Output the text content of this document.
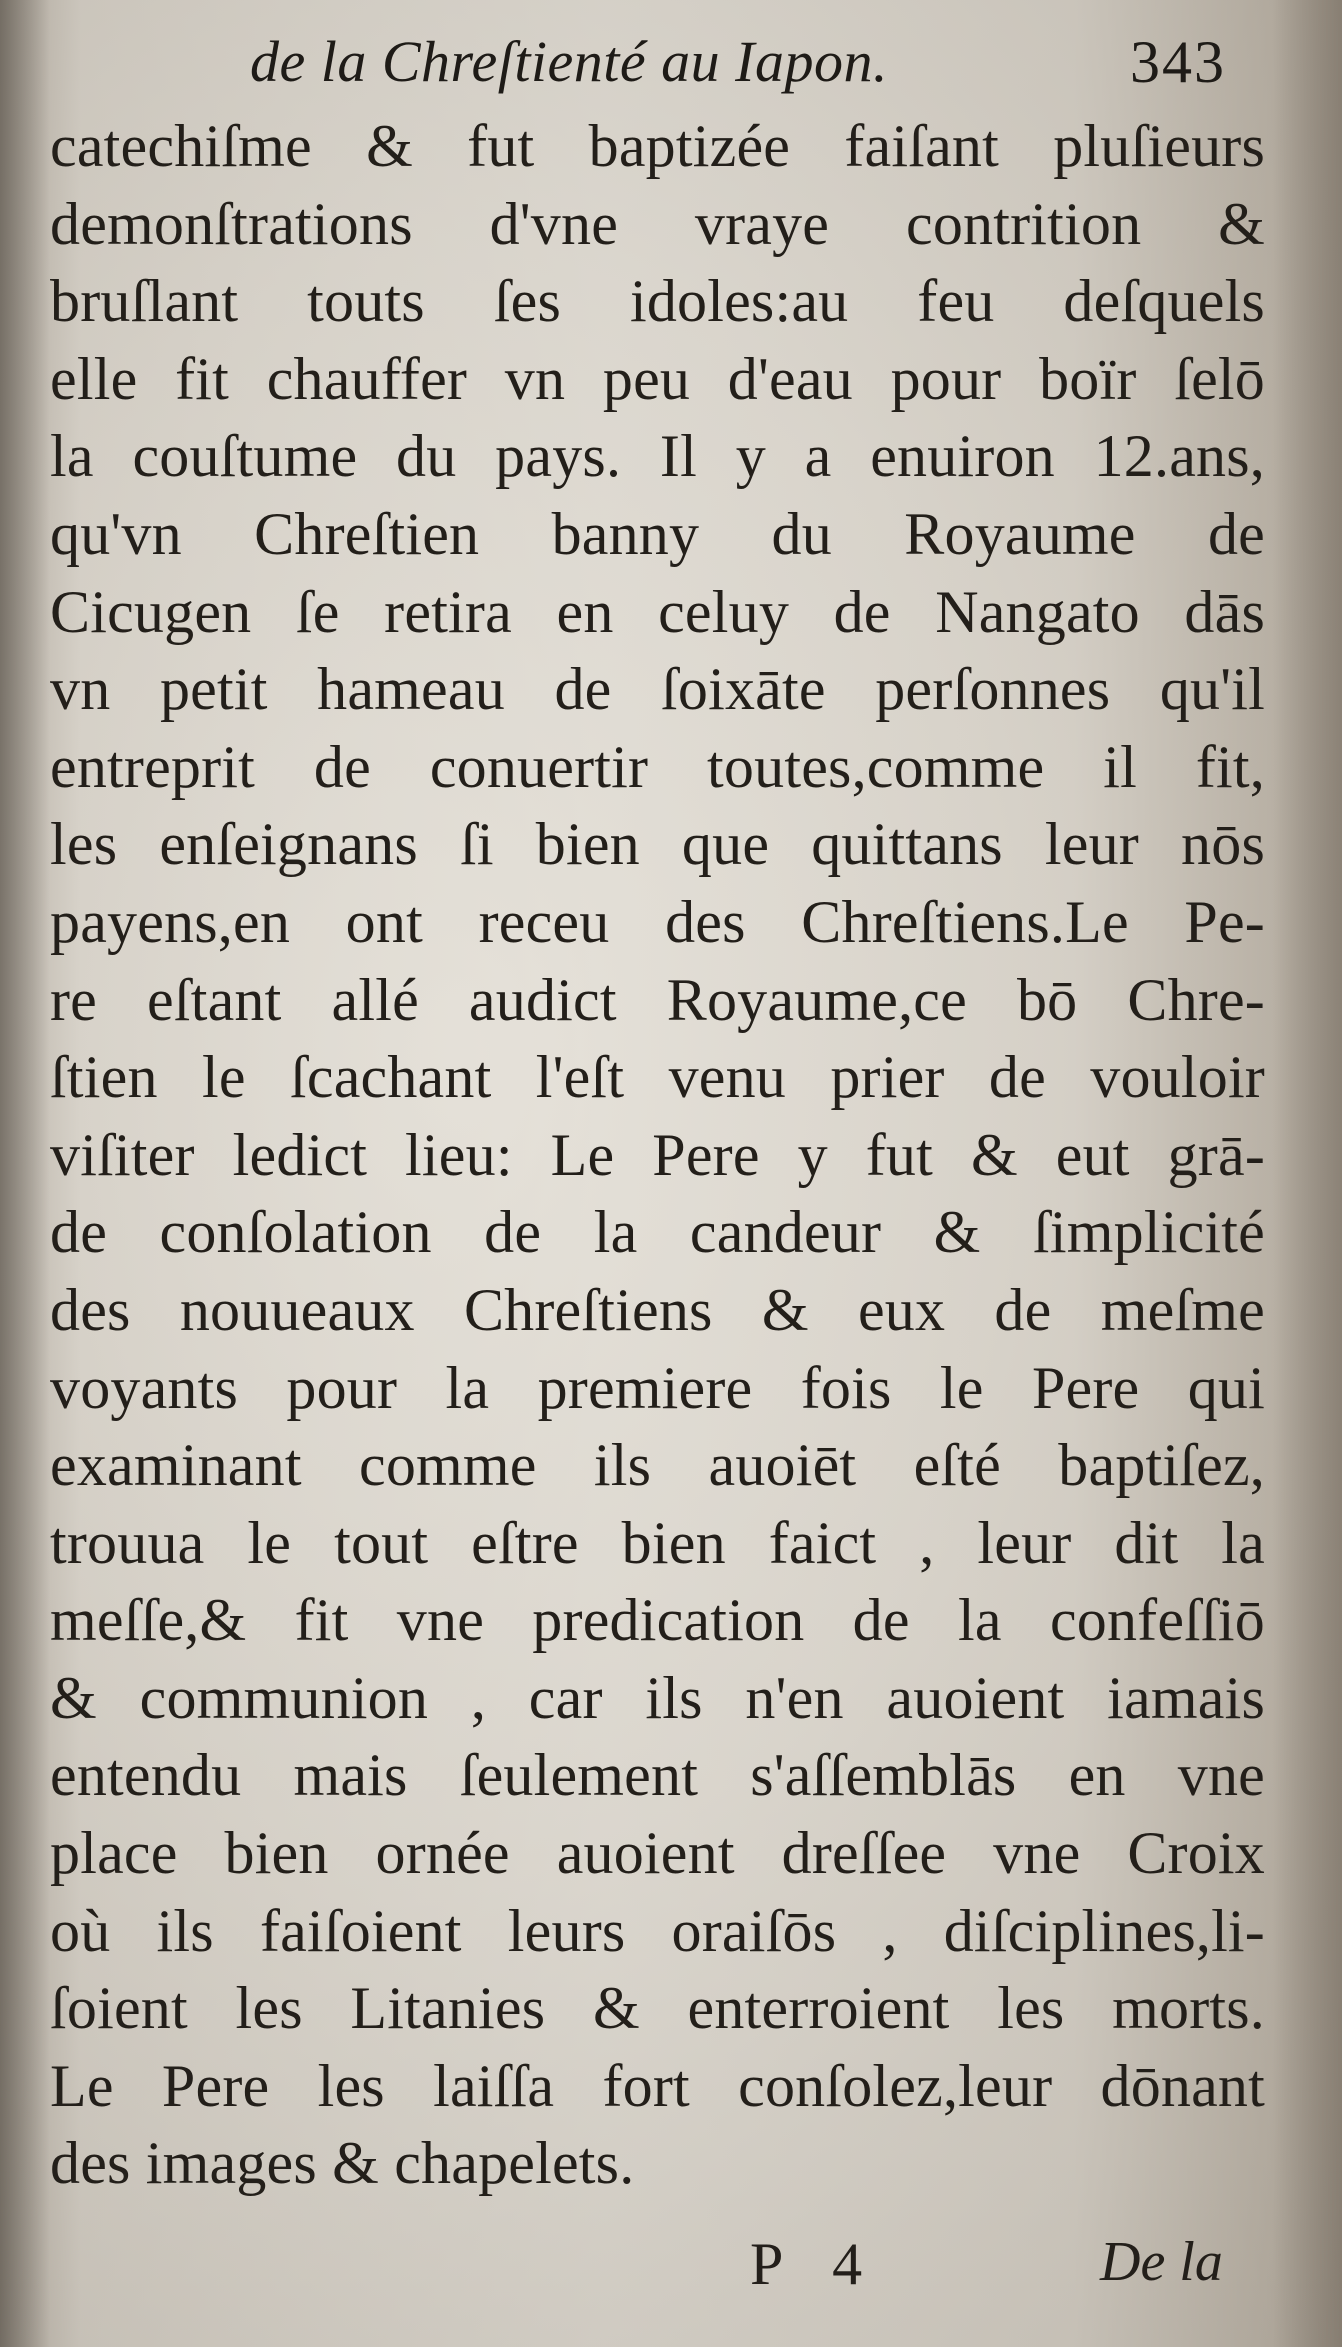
de la Chreſtienté au Iapon.	343
catechiſme & fut baptizée faiſant pluſieurs
demonſtrations d'vne vraye contrition &
bruſlant touts ſes idoles:au feu deſquels
elle fit chauffer vn peu d'eau pour boïr ſelō
la couſtume du pays. Il y a enuiron 12.ans,
qu'vn Chreſtien banny du Royaume de
Cicugen ſe retira en celuy de Nangato dās
vn petit hameau de ſoixāte perſonnes qu'il
entreprit de conuertir toutes,comme il fit,
les enſeignans ſi bien que quittans leur nōs
payens,en ont receu des Chreſtiens.Le Pe-
re eſtant allé audict Royaume,ce bō Chre-
ſtien le ſcachant l'eſt venu prier de vouloir
viſiter ledict lieu: Le Pere y fut & eut grā-
de conſolation de la candeur & ſimplicité
des nouueaux Chreſtiens & eux de meſme
voyants pour la premiere fois le Pere qui
examinant comme ils auoiēt eſté baptiſez,
trouua le tout eſtre bien faict , leur dit la
meſſe,& fit vne predication de la confeſſiō
& communion , car ils n'en auoient iamais
entendu mais ſeulement s'aſſemblās en vne
place bien ornée auoient dreſſee vne Croix
où ils faiſoient leurs oraiſōs , diſciplines,li-
ſoient les Litanies & enterroient les morts.
Le Pere les laiſſa fort conſolez,leur dōnant
des images & chapelets.
P 4	De la
